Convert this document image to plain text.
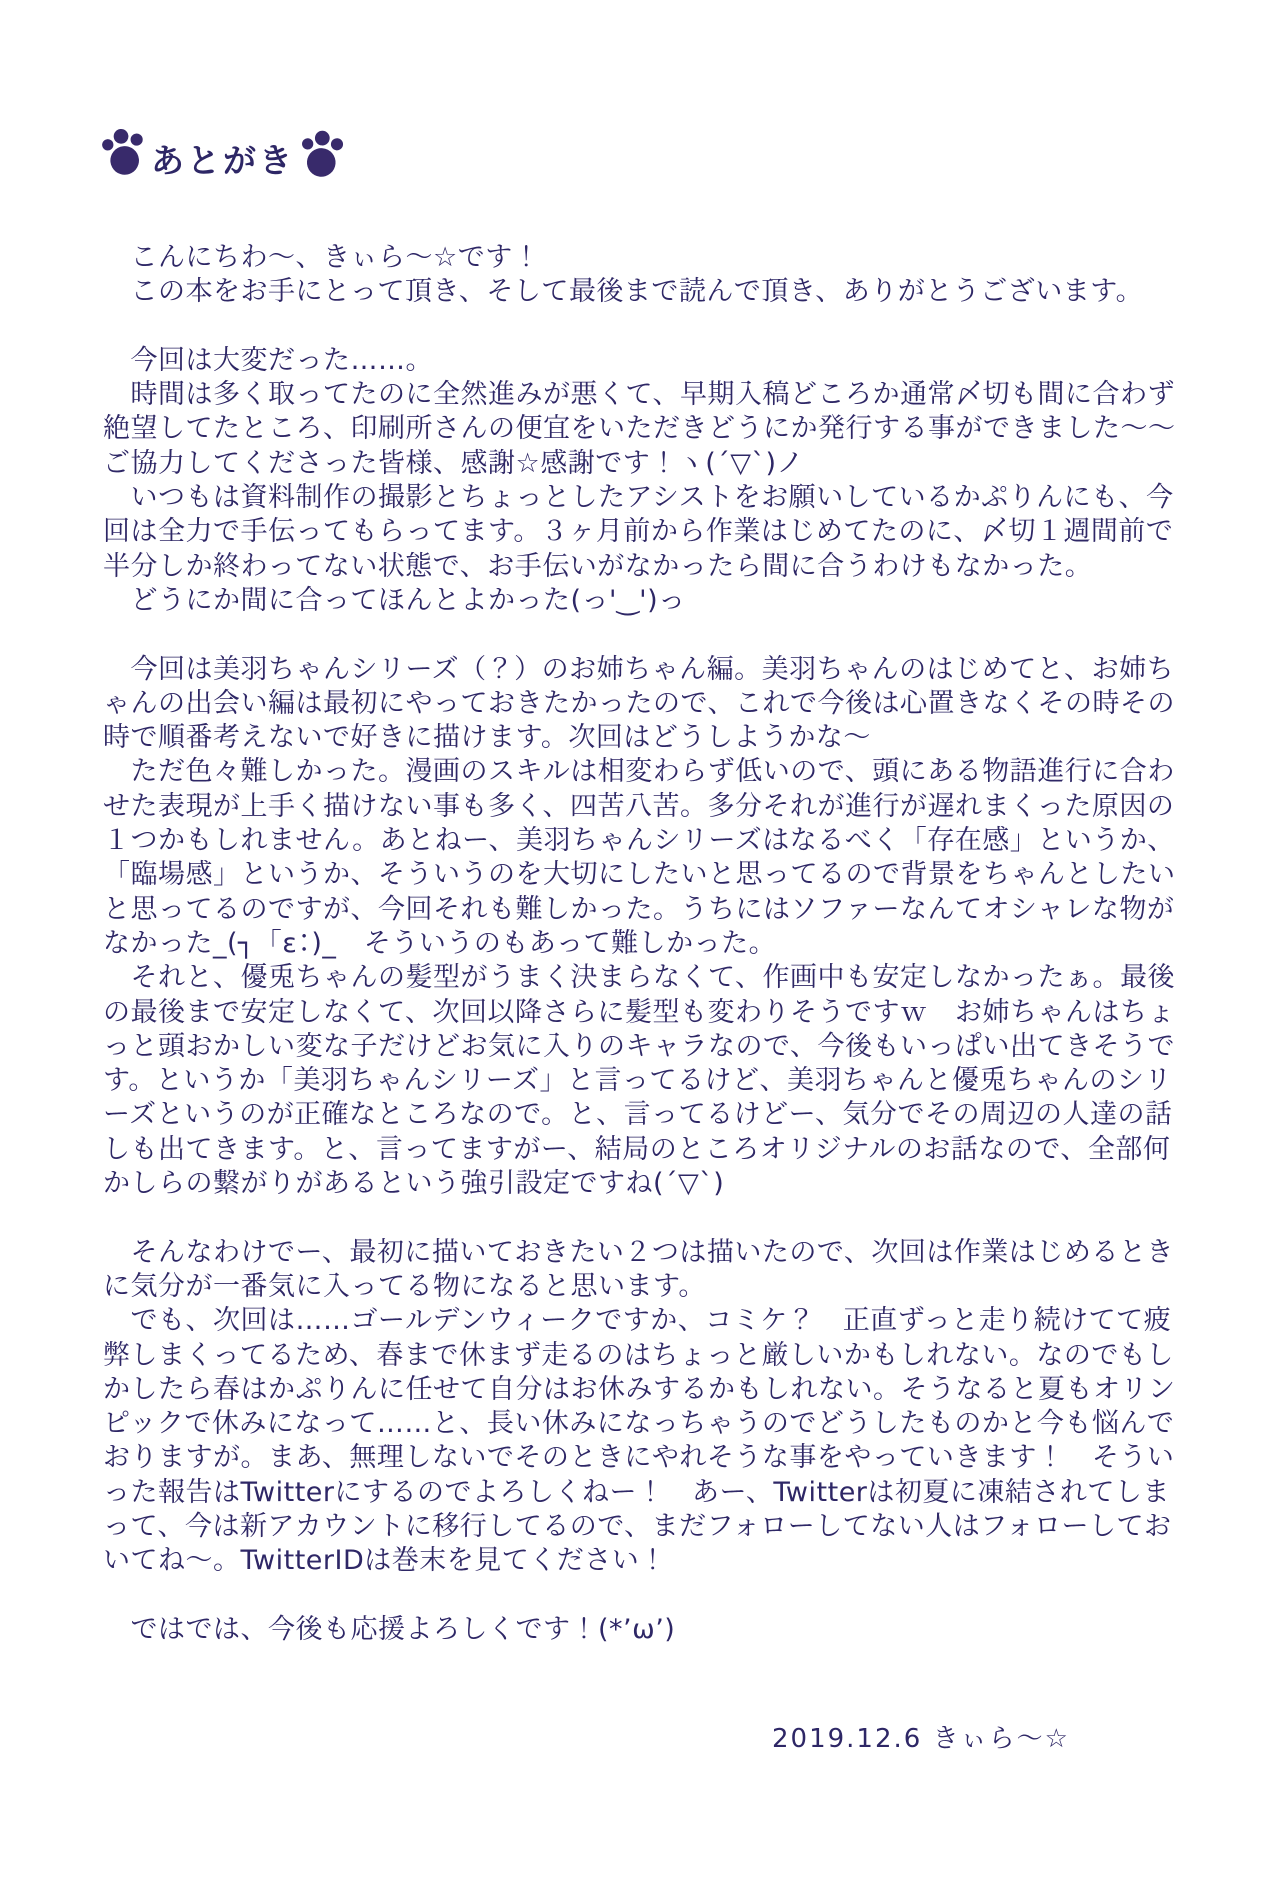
あとがき
　こんにちわ～、きぃら～☆です！
　この本をお手にとって頂き、そして最後まで読んで頂き、ありがとうございます。

　今回は大変だった……。
　時間は多く取ってたのに全然進みが悪くて、早期入稿どころか通常〆切も間に合わず
絶望してたところ、印刷所さんの便宜をいただきどうにか発行する事ができました～～
ご協力してくださった皆様、感謝☆感謝です！ヽ(´▽`)ノ
　いつもは資料制作の撮影とちょっとしたアシストをお願いしているかぷりんにも、今
回は全力で手伝ってもらってます。３ヶ月前から作業はじめてたのに、〆切１週間前で
半分しか終わってない状態で、お手伝いがなかったら間に合うわけもなかった。
　どうにか間に合ってほんとよかった(っ'‿')っ

　今回は美羽ちゃんシリーズ（？）のお姉ちゃん編。美羽ちゃんのはじめてと、お姉ち
ゃんの出会い編は最初にやっておきたかったので、これで今後は心置きなくその時その
時で順番考えないで好きに描けます。次回はどうしようかな～
　ただ色々難しかった。漫画のスキルは相変わらず低いので、頭にある物語進行に合わ
せた表現が上手く描けない事も多く、四苦八苦。多分それが進行が遅れまくった原因の
１つかもしれません。あとねー、美羽ちゃんシリーズはなるべく「存在感」というか、
「臨場感」というか、そういうのを大切にしたいと思ってるので背景をちゃんとしたい
と思ってるのですが、今回それも難しかった。うちにはソファーなんてオシャレな物が
なかった_(┐「ε：)_　そういうのもあって難しかった。
　それと、優兎ちゃんの髪型がうまく決まらなくて、作画中も安定しなかったぁ。最後
の最後まで安定しなくて、次回以降さらに髪型も変わりそうですｗ　お姉ちゃんはちょ
っと頭おかしい変な子だけどお気に入りのキャラなので、今後もいっぱい出てきそうで
す。というか「美羽ちゃんシリーズ」と言ってるけど、美羽ちゃんと優兎ちゃんのシリ
ーズというのが正確なところなので。と、言ってるけどー、気分でその周辺の人達の話
しも出てきます。と、言ってますがー、結局のところオリジナルのお話なので、全部何
かしらの繋がりがあるという強引設定ですね(´▽`)

　そんなわけでー、最初に描いておきたい２つは描いたので、次回は作業はじめるとき
に気分が一番気に入ってる物になると思います。
　でも、次回は……ゴールデンウィークですか、コミケ？　正直ずっと走り続けてて疲
弊しまくってるため、春まで休まず走るのはちょっと厳しいかもしれない。なのでもし
かしたら春はかぷりんに任せて自分はお休みするかもしれない。そうなると夏もオリン
ピックで休みになって……と、長い休みになっちゃうのでどうしたものかと今も悩んで
おりますが。まあ、無理しないでそのときにやれそうな事をやっていきます！　そうい
った報告はTwitterにするのでよろしくねー！　あー、Twitterは初夏に凍結されてしま
って、今は新アカウントに移行してるので、まだフォローしてない人はフォローしてお
いてね～。TwitterIDは巻末を見てください！

　ではでは、今後も応援よろしくです！(*’ω’)
2019.12.6 きぃら～☆
